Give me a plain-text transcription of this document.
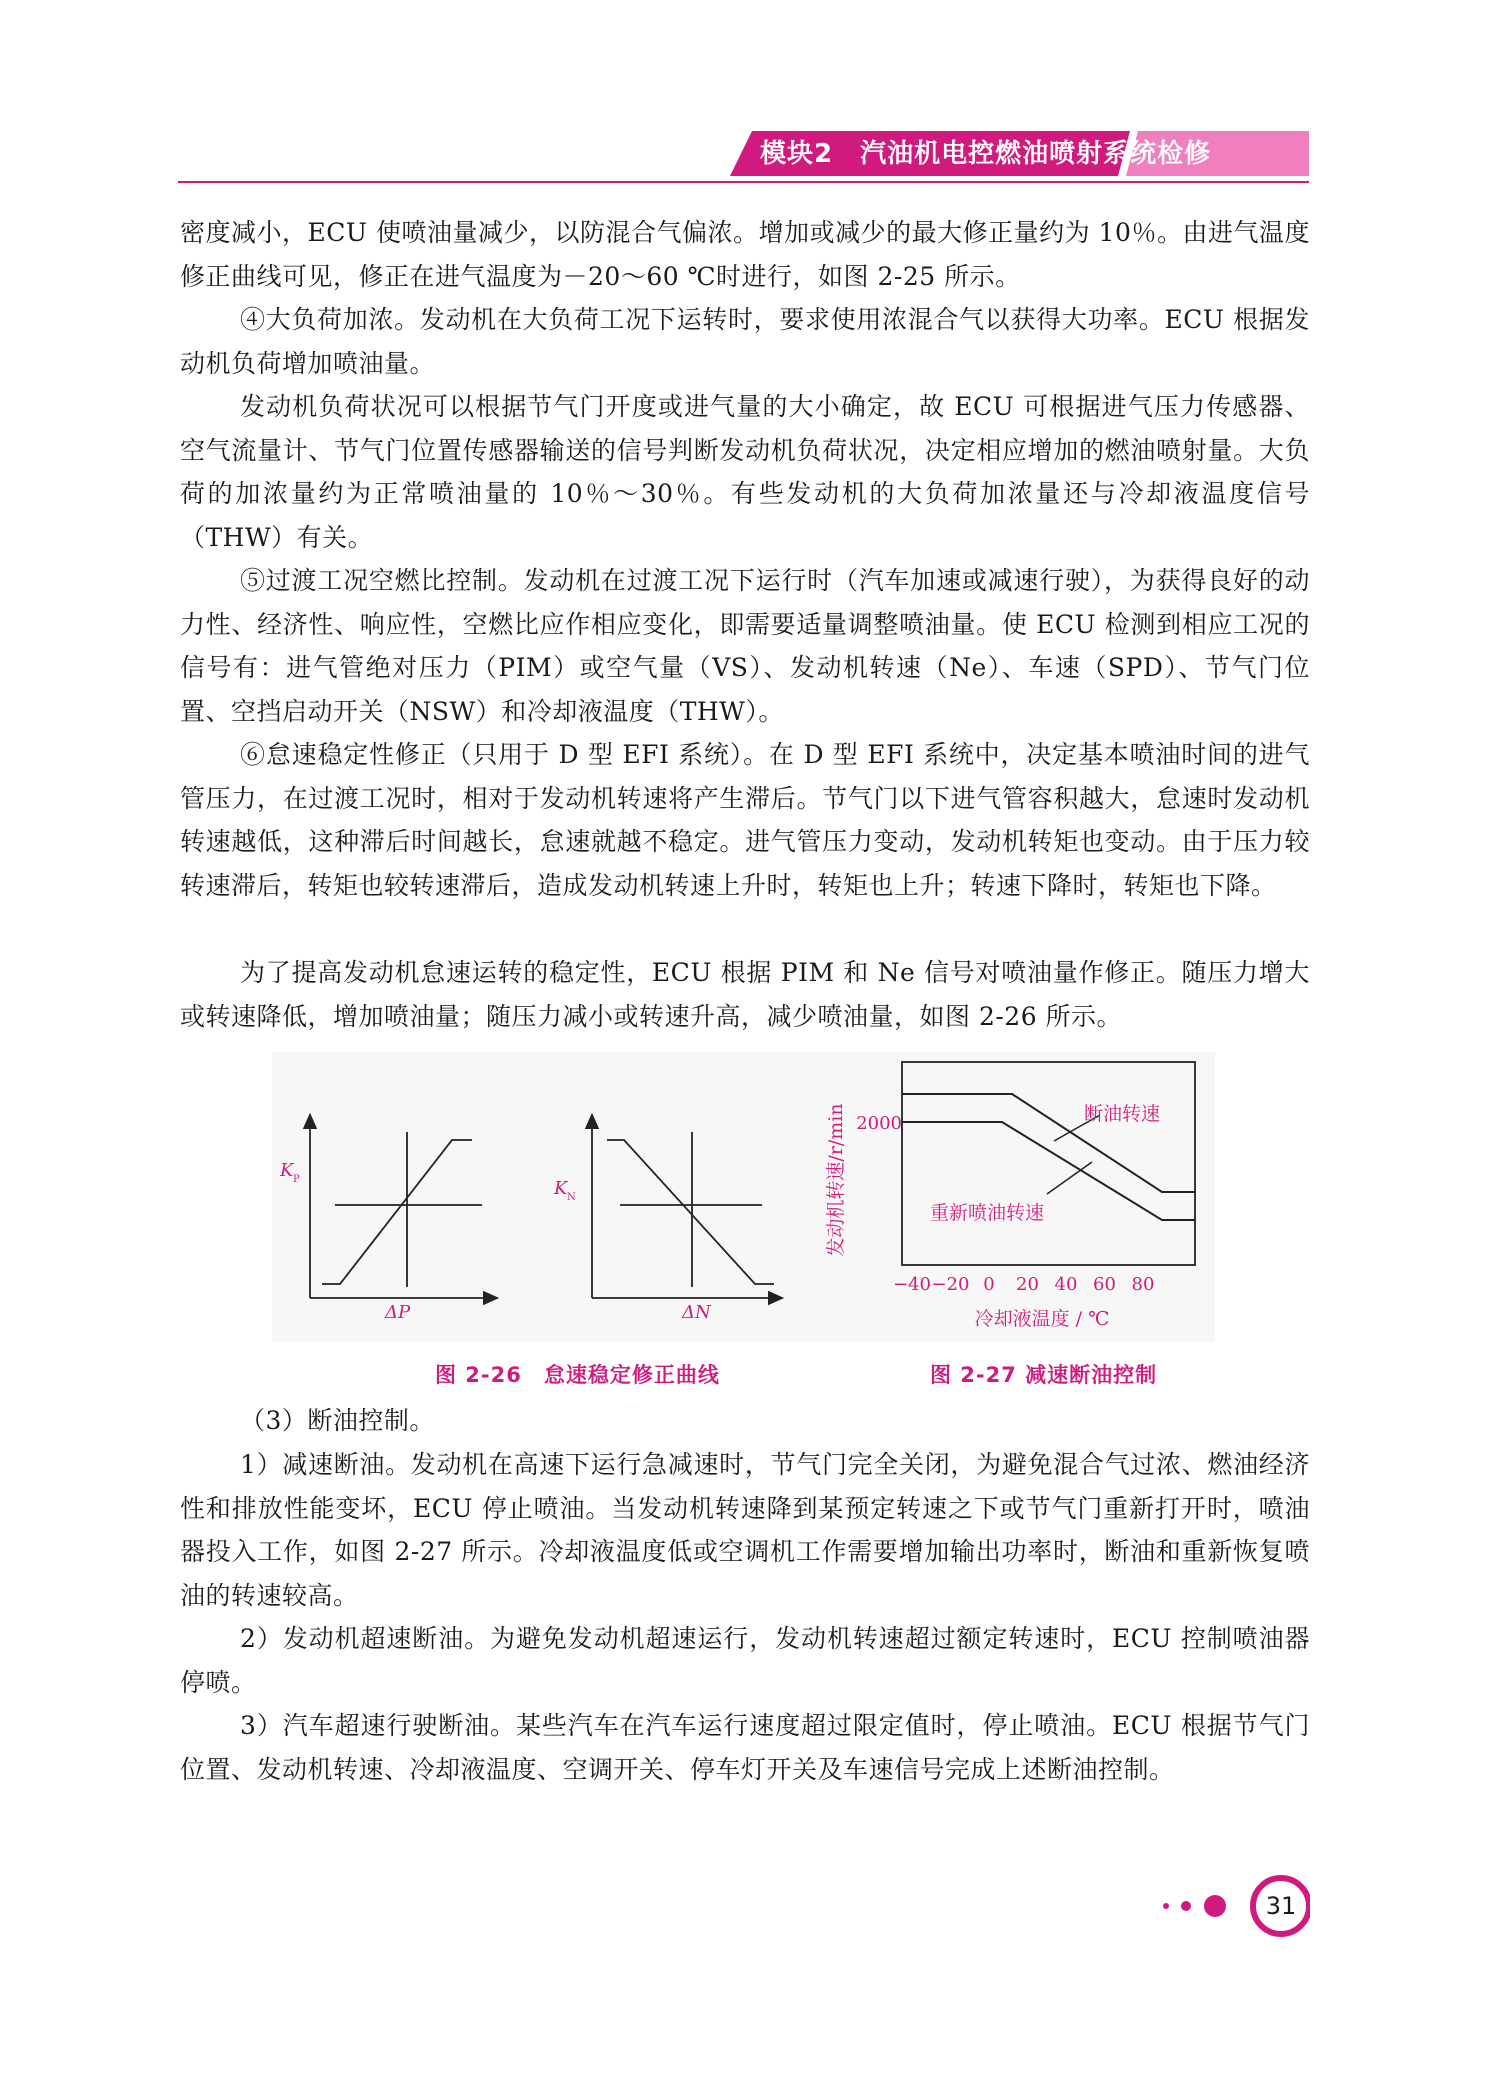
模块2　汽油机电控燃油喷射系统检修

密度减小，ECU 使喷油量减少，以防混合气偏浓。增加或减少的最大修正量约为 10％。由进气温度修正曲线可见，修正在进气温度为－20～60 ℃时进行，如图 2-25 所示。

④大负荷加浓。发动机在大负荷工况下运转时，要求使用浓混合气以获得大功率。ECU 根据发动机负荷增加喷油量。

发动机负荷状况可以根据节气门开度或进气量的大小确定，故 ECU 可根据进气压力传感器、空气流量计、节气门位置传感器输送的信号判断发动机负荷状况，决定相应增加的燃油喷射量。大负荷的加浓量约为正常喷油量的 10％～30％。有些发动机的大负荷加浓量还与冷却液温度信号（THW）有关。

⑤过渡工况空燃比控制。发动机在过渡工况下运行时（汽车加速或减速行驶），为获得良好的动力性、经济性、响应性，空燃比应作相应变化，即需要适量调整喷油量。使 ECU 检测到相应工况的信号有：进气管绝对压力（PIM）或空气量（VS）、发动机转速（Ne）、车速（SPD）、节气门位置、空挡启动开关（NSW）和冷却液温度（THW）。

⑥怠速稳定性修正（只用于 D 型 EFI 系统）。在 D 型 EFI 系统中，决定基本喷油时间的进气管压力，在过渡工况时，相对于发动机转速将产生滞后。节气门以下进气管容积越大，怠速时发动机转速越低，这种滞后时间越长，怠速就越不稳定。进气管压力变动，发动机转矩也变动。由于压力较转速滞后，转矩也较转速滞后，造成发动机转速上升时，转矩也上升；转速下降时，转矩也下降。

为了提高发动机怠速运转的稳定性，ECU 根据 PIM 和 Ne 信号对喷油量作修正。随压力增大或转速降低，增加喷油量；随压力减小或转速升高，减少喷油量，如图 2-26 所示。

K P
ΔP
K N
ΔN
断油转速
重新喷油转速
2000
发动机转速/r/min
−40 −20 0 20 40 60 80
冷却液温度 / ℃
图 2-26　怠速稳定修正曲线	图 2-27 减速断油控制

（3）断油控制。

1）减速断油。发动机在高速下运行急减速时，节气门完全关闭，为避免混合气过浓、燃油经济性和排放性能变坏，ECU 停止喷油。当发动机转速降到某预定转速之下或节气门重新打开时，喷油器投入工作，如图 2-27 所示。冷却液温度低或空调机工作需要增加输出功率时，断油和重新恢复喷油的转速较高。

2）发动机超速断油。为避免发动机超速运行，发动机转速超过额定转速时，ECU 控制喷油器停喷。

3）汽车超速行驶断油。某些汽车在汽车运行速度超过限定值时，停止喷油。ECU 根据节气门位置、发动机转速、冷却液温度、空调开关、停车灯开关及车速信号完成上述断油控制。

31
